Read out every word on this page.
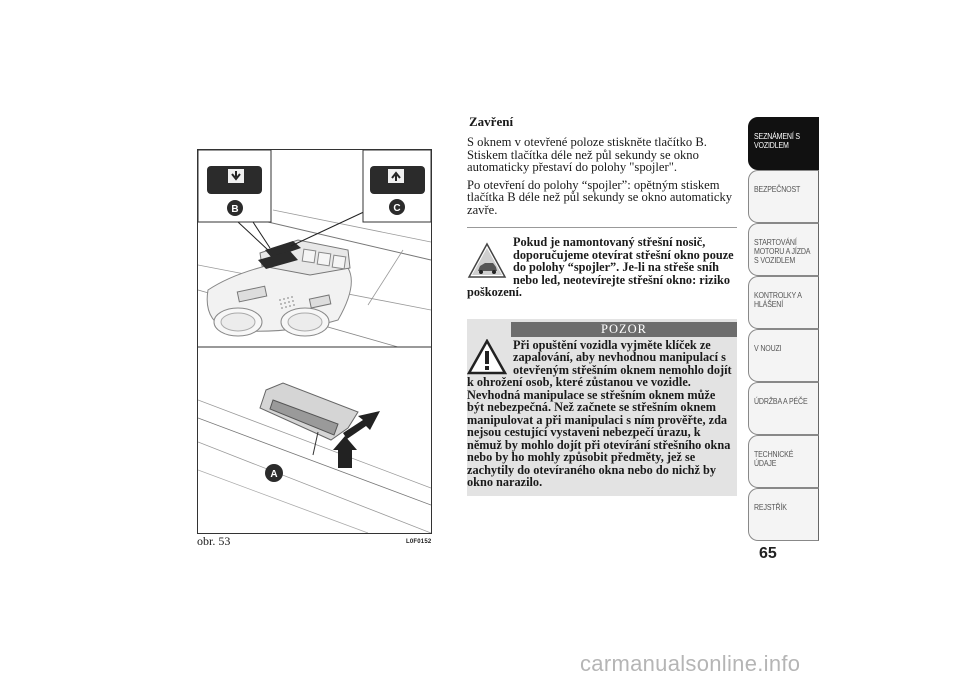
B	C
A
obr. 53	L0F0152
Zavření

S oknem v otevřené poloze stiskněte tlačítko B. Stiskem tlačítka déle než půl sekundy se okno automaticky přestaví do polohy "spojler".

Po otevření do polohy “spojler”: opětným stiskem tlačítka B déle než půl sekundy se okno automaticky zavře.

Pokud je namontovaný střešní nosič, doporučujeme otevírat střešní okno pouze do polohy “spojler”. Je-li na střeše sníh nebo led, neotevírejte střešní okno: riziko poškození.

POZOR

Při opuštění vozidla vyjměte klíček ze zapalování, aby nevhodnou manipulací s otevřeným střešním oknem nemohlo dojít k ohrožení osob, které zůstanou ve vozidle. Nevhodná manipulace se střešním oknem může být nebezpečná. Než začnete se střešním oknem manipulovat a při manipulaci s ním prověřte, zda nejsou cestující vystaveni nebezpečí úrazu, k němuž by mohlo dojít při otevírání střešního okna nebo by ho mohly způsobit předměty, jež se zachytily do otevíraného okna nebo do nichž by okno narazilo.

SEZNÁMENÍ S
VOZIDLEM
BEZPEČNOST
STARTOVÁNÍ
MOTORU A JÍZDA
S VOZIDLEM
KONTROLKY A
HLÁŠENÍ
V NOUZI
ÚDRŽBA A PÉČE
TECHNICKÉ
ÚDAJE
REJSTŘÍK
65
carmanualsonline.info
